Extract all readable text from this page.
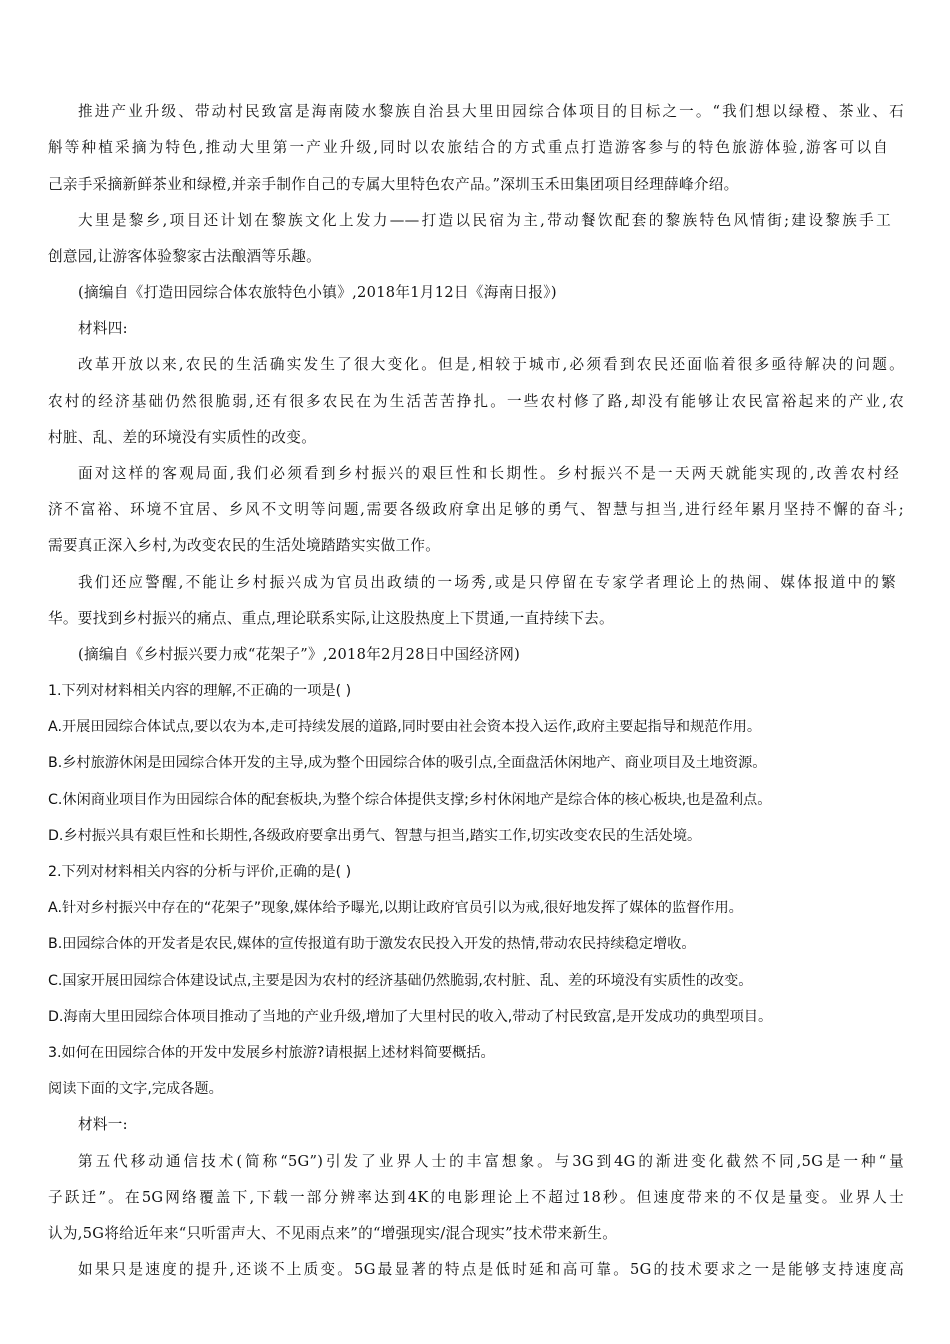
推进产业升级、带动村民致富是海南陵水黎族自治县大里田园综合体项目的目标之一。“我们想以绿橙、茶业、石
斛等种植采摘为特色,推动大里第一产业升级,同时以农旅结合的方式重点打造游客参与的特色旅游体验,游客可以自
己亲手采摘新鲜茶业和绿橙,并亲手制作自己的专属大里特色农产品。”深圳玉禾田集团项目经理薛峰介绍。
大里是黎乡,项目还计划在黎族文化上发力——打造以民宿为主,带动餐饮配套的黎族特色风情街;建设黎族手工
创意园,让游客体验黎家古法酿酒等乐趣。
(摘编自《打造田园综合体农旅特色小镇》,2018年1月12日《海南日报》)
材料四:
改革开放以来,农民的生活确实发生了很大变化。但是,相较于城市,必须看到农民还面临着很多亟待解决的问题。
农村的经济基础仍然很脆弱,还有很多农民在为生活苦苦挣扎。一些农村修了路,却没有能够让农民富裕起来的产业,农
村脏、乱、差的环境没有实质性的改变。
面对这样的客观局面,我们必须看到乡村振兴的艰巨性和长期性。乡村振兴不是一天两天就能实现的,改善农村经
济不富裕、环境不宜居、乡风不文明等问题,需要各级政府拿出足够的勇气、智慧与担当,进行经年累月坚持不懈的奋斗;
需要真正深入乡村,为改变农民的生活处境踏踏实实做工作。
我们还应警醒,不能让乡村振兴成为官员出政绩的一场秀,或是只停留在专家学者理论上的热闹、媒体报道中的繁
华。要找到乡村振兴的痛点、重点,理论联系实际,让这股热度上下贯通,一直持续下去。
(摘编自《乡村振兴要力戒“花架子”》,2018年2月28日中国经济网)
1.下列对材料相关内容的理解,不正确的一项是( )
A.开展田园综合体试点,要以农为本,走可持续发展的道路,同时要由社会资本投入运作,政府主要起指导和规范作用。
B.乡村旅游休闲是田园综合体开发的主导,成为整个田园综合体的吸引点,全面盘活休闲地产、商业项目及土地资源。
C.休闲商业项目作为田园综合体的配套板块,为整个综合体提供支撑;乡村休闲地产是综合体的核心板块,也是盈利点。
D.乡村振兴具有艰巨性和长期性,各级政府要拿出勇气、智慧与担当,踏实工作,切实改变农民的生活处境。
2.下列对材料相关内容的分析与评价,正确的是( )
A.针对乡村振兴中存在的“花架子”现象,媒体给予曝光,以期让政府官员引以为戒,很好地发挥了媒体的监督作用。
B.田园综合体的开发者是农民,媒体的宣传报道有助于激发农民投入开发的热情,带动农民持续稳定增收。
C.国家开展田园综合体建设试点,主要是因为农村的经济基础仍然脆弱,农村脏、乱、差的环境没有实质性的改变。
D.海南大里田园综合体项目推动了当地的产业升级,增加了大里村民的收入,带动了村民致富,是开发成功的典型项目。
3.如何在田园综合体的开发中发展乡村旅游?请根据上述材料简要概括。
阅读下面的文字,完成各题。
材料一:
第五代移动通信技术(简称“5G”)引发了业界人士的丰富想象。与3G到4G的渐进变化截然不同,5G是一种“量
子跃迁”。在5G网络覆盖下,下载一部分辨率达到4K的电影理论上不超过18秒。但速度带来的不仅是量变。业界人士
认为,5G将给近年来“只听雷声大、不见雨点来”的“增强现实/混合现实”技术带来新生。
如果只是速度的提升,还谈不上质变。5G最显著的特点是低时延和高可靠。5G的技术要求之一是能够支持速度高
